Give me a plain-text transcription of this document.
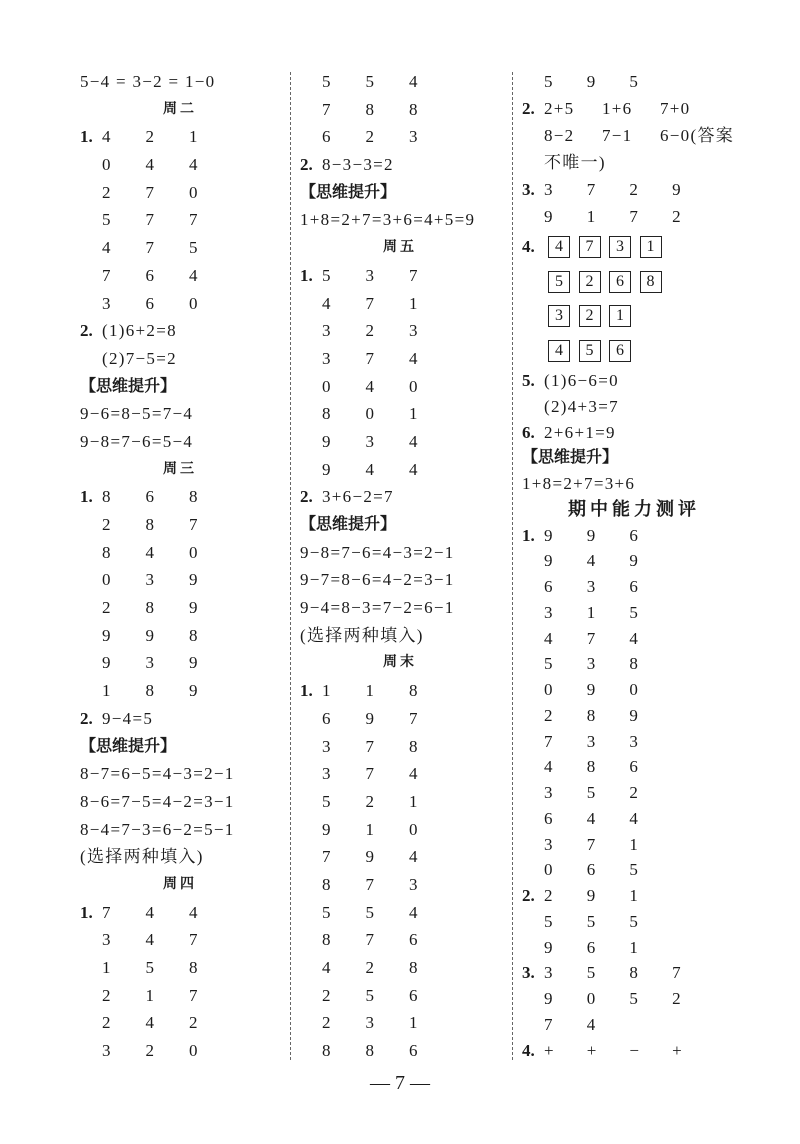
5−4 = 3−2 = 1−0
周二
1. 4 2 1
0 4 4
2 7 0
5 7 7
4 7 5
7 6 4
3 6 0
2. (1)6+2=8
(2)7−5=2
【思维提升】
9−6=8−5=7−4
9−8=7−6=5−4
周三
1. 8 6 8
2 8 7
8 4 0
0 3 9
2 8 9
9 9 8
9 3 9
1 8 9
2. 9−4=5
【思维提升】
8−7=6−5=4−3=2−1
8−6=7−5=4−2=3−1
8−4=7−3=6−2=5−1
(选择两种填入)
周四
1. 7 4 4
3 4 7
1 5 8
2 1 7
2 4 2
3 2 0
5 5 4
7 8 8
6 2 3
2. 8−3−3=2
【思维提升】
1+8=2+7=3+6=4+5=9
周五
1. 5 3 7
4 7 1
3 2 3
3 7 4
0 4 0
8 0 1
9 3 4
9 4 4
2. 3+6−2=7
【思维提升】
9−8=7−6=4−3=2−1
9−7=8−6=4−2=3−1
9−4=8−3=7−2=6−1
(选择两种填入)
周末
1. 1 1 8
6 9 7
3 7 8
3 7 4
5 2 1
9 1 0
7 9 4
8 7 3
5 5 4
8 7 6
4 2 8
2 5 6
2 3 1
8 8 6
5 9 5
2. 2+5 1+6 7+0
8−2 7−1 6−0(答案
不唯一)
3. 3 7 2 9
9 1 7 2
4.	4	7	3	1
5	2	6	8
3	2	1
4	5	6
5. (1)6−6=0
(2)4+3=7
6. 2+6+1=9
【思维提升】
1+8=2+7=3+6
期中能力测评
1. 9 9 6
9 4 9
6 3 6
3 1 5
4 7 4
5 3 8
0 9 0
2 8 9
7 3 3
4 8 6
3 5 2
6 4 4
3 7 1
0 6 5
2. 2 9 1
5 5 5
9 6 1
3. 3 5 8 7
9 0 5 2
7 4
4. + + − +
— 7 —
